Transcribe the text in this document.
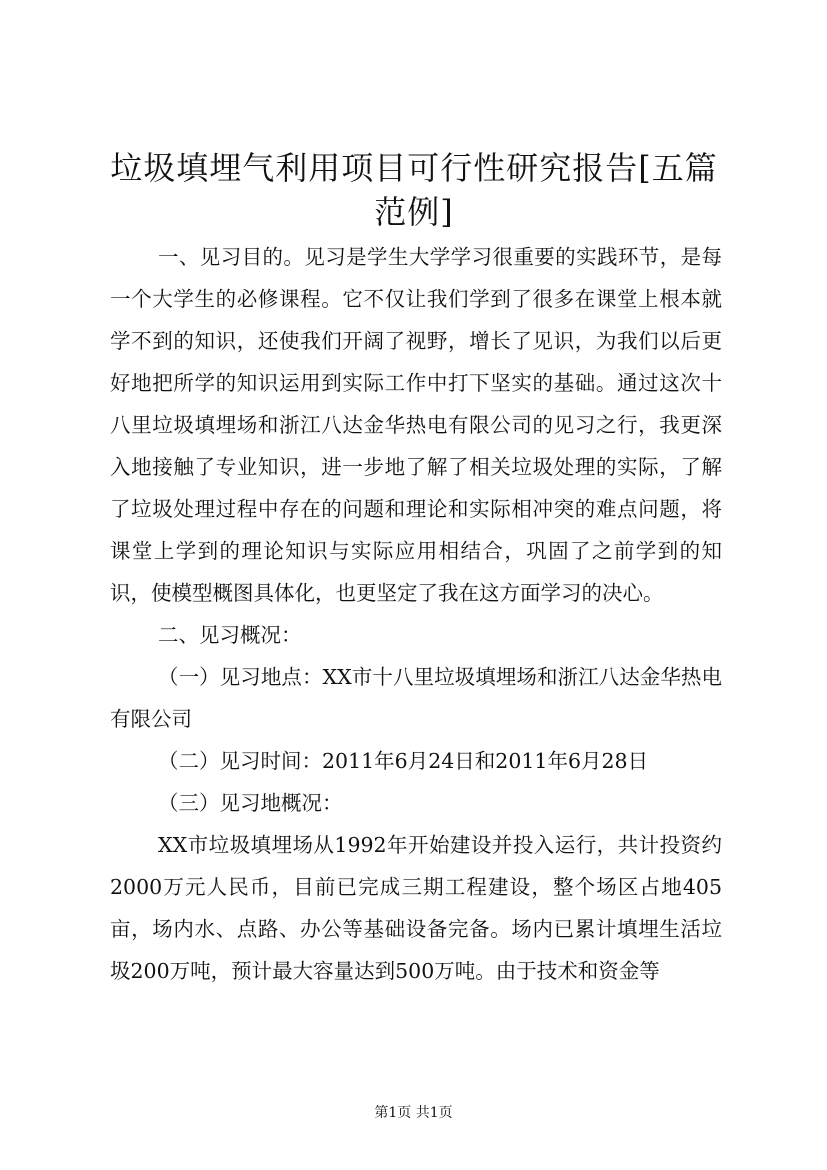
垃圾填埋气利用项目可行性研究报告[五篇范例]

一、见习目的。见习是学生大学学习很重要的实践环节，是每一个大学生的必修课程。它不仅让我们学到了很多在课堂上根本就学不到的知识，还使我们开阔了视野，增长了见识，为我们以后更好地把所学的知识运用到实际工作中打下坚实的基础。通过这次十八里垃圾填埋场和浙江八达金华热电有限公司的见习之行，我更深入地接触了专业知识，进一步地了解了相关垃圾处理的实际，了解了垃圾处理过程中存在的问题和理论和实际相冲突的难点问题，将课堂上学到的理论知识与实际应用相结合，巩固了之前学到的知识，使模型概图具体化，也更坚定了我在这方面学习的决心。

二、见习概况：

（一）见习地点：XX市十八里垃圾填埋场和浙江八达金华热电有限公司

（二）见习时间：2011年6月24日和2011年6月28日

（三）见习地概况：

XX市垃圾填埋场从1992年开始建设并投入运行，共计投资约2000万元人民币，目前已完成三期工程建设，整个场区占地405亩，场内水、点路、办公等基础设备完备。场内已累计填埋生活垃圾200万吨，预计最大容量达到500万吨。由于技术和资金等

第1页 共1页
